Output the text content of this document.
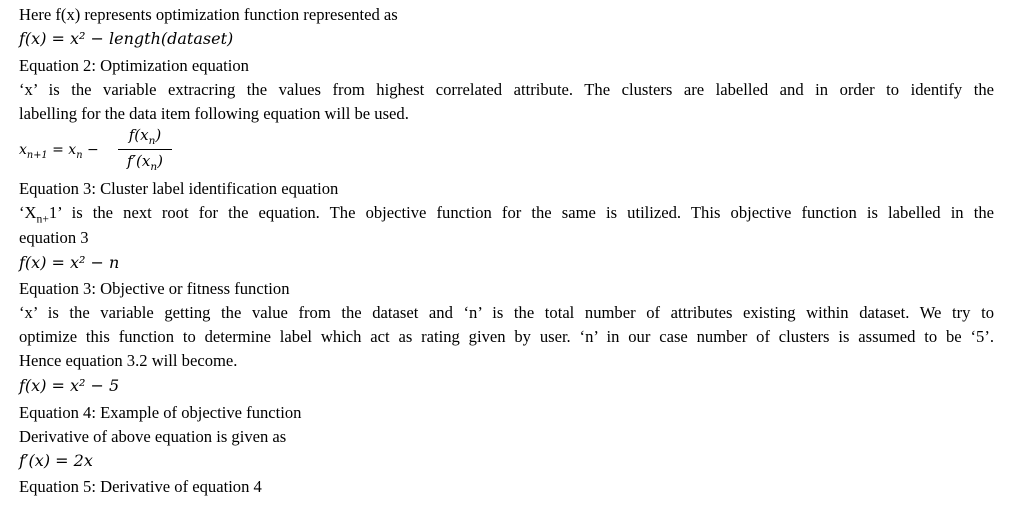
Here f(x) represents optimization function represented as
f(x) = x² − length(dataset)
Equation 2: Optimization equation
‘x’ is the variable extracring the values from highest correlated attribute. The clusters are labelled and in order to identify the
labelling for the data item following equation will be used.
$x_{n+1} = x_n$ −
$f(x_n)$
$f'(x_n)$
Equation 3: Cluster label identification equation
‘$X_{n+}1$’ is the next root for the equation. The objective function for the same is utilized. This objective function is labelled in the
equation 3
f(x) = x² − n
Equation 3: Objective or fitness function
‘x’ is the variable getting the value from the dataset and ‘n’ is the total number of attributes existing within dataset. We try to
optimize this function to determine label which act as rating given by user. ‘n’ in our case number of clusters is assumed to be ‘5’.
Hence equation 3.2 will become.
f(x) = x² − 5
Equation 4: Example of objective function
Derivative of above equation is given as
f′(x) = 2x
Equation 5: Derivative of equation 4
